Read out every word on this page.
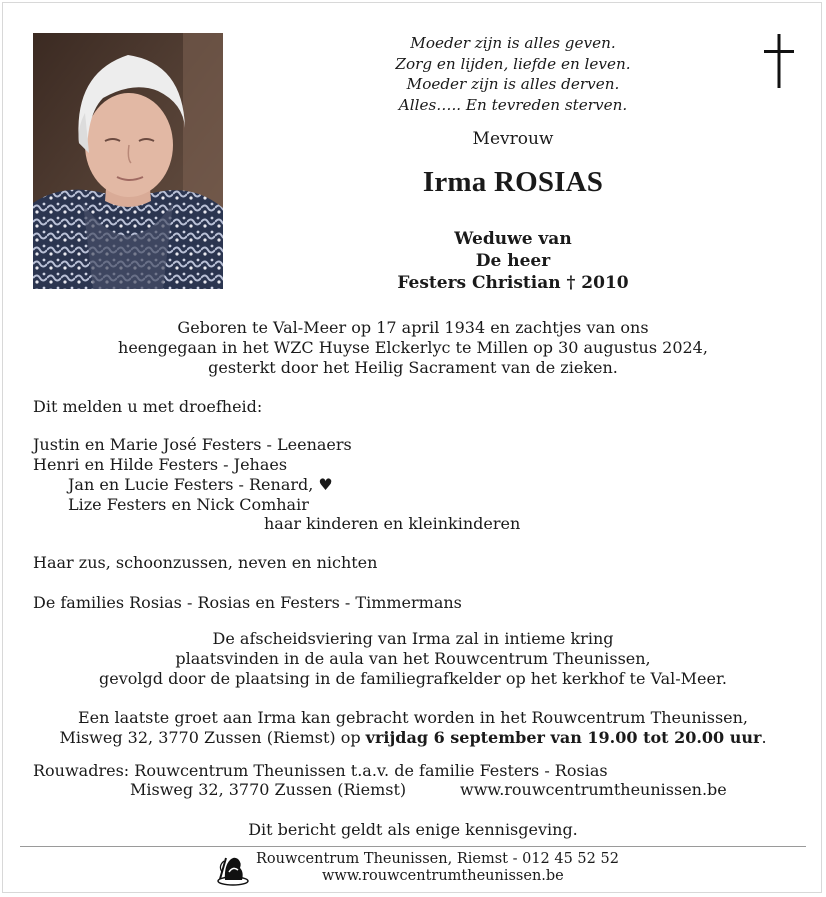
Moeder zijn is alles geven.
Zorg en lijden, liefde en leven.
Moeder zijn is alles derven.
Alles….. En tevreden sterven.
Mevrouw
Irma ROSIAS
Weduwe van
De heer
Festers Christian † 2010
Geboren te Val-Meer op 17 april 1934 en zachtjes van ons
heengegaan in het WZC Huyse Elckerlyc te Millen op 30 augustus 2024,
gesterkt door het Heilig Sacrament van de zieken.
Dit melden u met droefheid:
Justin en Marie José Festers - Leenaers
Henri en Hilde Festers - Jehaes
Jan en Lucie Festers - Renard, ♥
Lize Festers en Nick Comhair
haar kinderen en kleinkinderen
Haar zus, schoonzussen, neven en nichten
De families Rosias - Rosias en Festers - Timmermans
De afscheidsviering van Irma zal in intieme kring
plaatsvinden in de aula van het Rouwcentrum Theunissen,
gevolgd door de plaatsing in de familiegrafkelder op het kerkhof te Val-Meer.
Een laatste groet aan Irma kan gebracht worden in het Rouwcentrum Theunissen,
Misweg 32, 3770 Zussen (Riemst) op vrijdag 6 september van 19.00 tot 20.00 uur.
Rouwadres: Rouwcentrum Theunissen t.a.v. de familie Festers - Rosias
Misweg 32, 3770 Zussen (Riemst)	www.rouwcentrumtheunissen.be
Dit bericht geldt als enige kennisgeving.
Rouwcentrum Theunissen, Riemst - 012 45 52 52
www.rouwcentrumtheunissen.be
